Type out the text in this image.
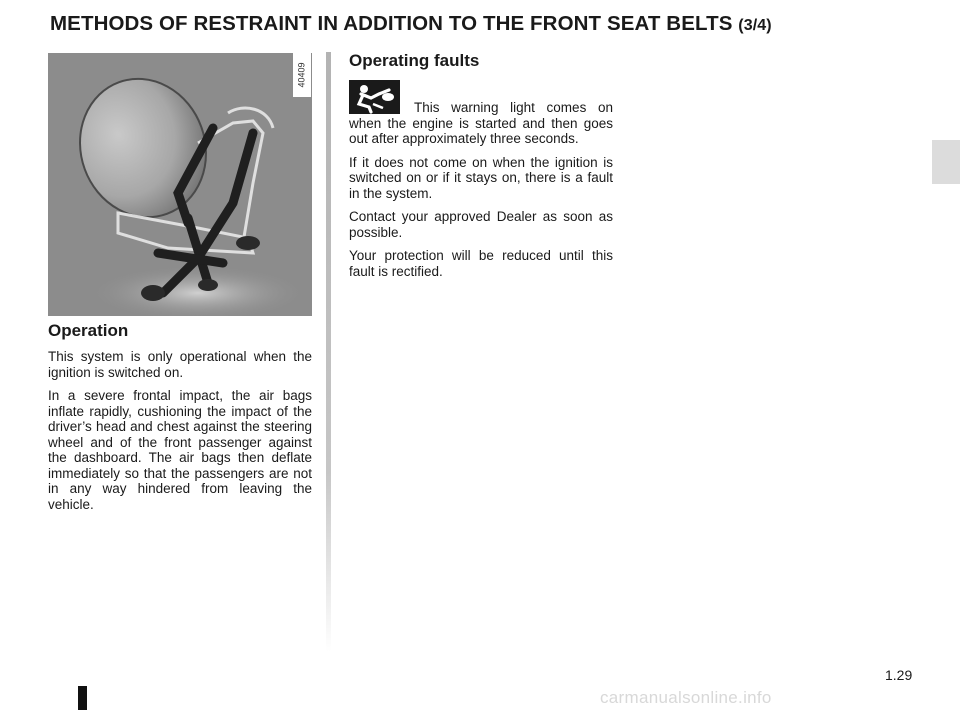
METHODS OF RESTRAINT IN ADDITION TO THE FRONT SEAT BELTS (3/4)
40409
Operation

This system is only operational when the ignition is switched on.

In a severe frontal impact, the air bags inflate rapidly, cushioning the impact of the driver’s head and chest against the steering wheel and of the front passenger against the dashboard. The air bags then deflate immediately so that the passengers are not in any way hindered from leaving the vehicle.

Operating faults

This warning light comes on when the engine is started and then goes out after approximately three seconds.

If it does not come on when the ignition is switched on or if it stays on, there is a fault in the system.

Contact your approved Dealer as soon as possible.

Your protection will be reduced until this fault is rectified.

1.29
carmanualsonline.info
